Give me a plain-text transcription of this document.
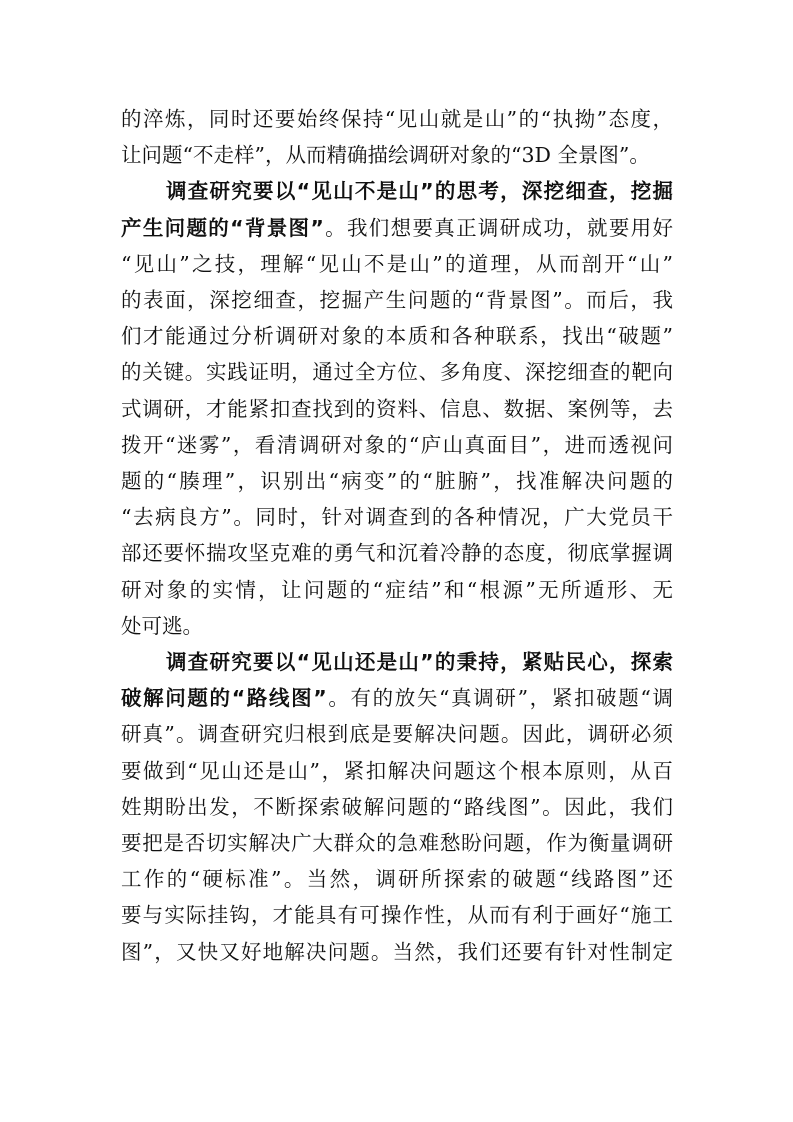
的淬炼，同时还要始终保持“见山就是山”的“执拗”态度，
让问题“不走样”，从而精确描绘调研对象的“3D 全景图”。
调查研究要以“见山不是山”的思考，深挖细查，挖掘
产生问题的“背景图”。我们想要真正调研成功，就要用好
“见山”之技，理解“见山不是山”的道理，从而剖开“山”
的表面，深挖细查，挖掘产生问题的“背景图”。而后，我
们才能通过分析调研对象的本质和各种联系，找出“破题”
的关键。实践证明，通过全方位、多角度、深挖细查的靶向
式调研，才能紧扣查找到的资料、信息、数据、案例等，去
拨开“迷雾”，看清调研对象的“庐山真面目”，进而透视问
题的“腠理”，识别出“病变”的“脏腑”，找准解决问题的
“去病良方”。同时，针对调查到的各种情况，广大党员干
部还要怀揣攻坚克难的勇气和沉着冷静的态度，彻底掌握调
研对象的实情，让问题的“症结”和“根源”无所遁形、无
处可逃。
调查研究要以“见山还是山”的秉持，紧贴民心，探索
破解问题的“路线图”。有的放矢“真调研”，紧扣破题“调
研真”。调查研究归根到底是要解决问题。因此，调研必须
要做到“见山还是山”，紧扣解决问题这个根本原则，从百
姓期盼出发，不断探索破解问题的“路线图”。因此，我们
要把是否切实解决广大群众的急难愁盼问题，作为衡量调研
工作的“硬标准”。当然，调研所探索的破题“线路图”还
要与实际挂钩，才能具有可操作性，从而有利于画好“施工
图”，又快又好地解决问题。当然，我们还要有针对性制定
